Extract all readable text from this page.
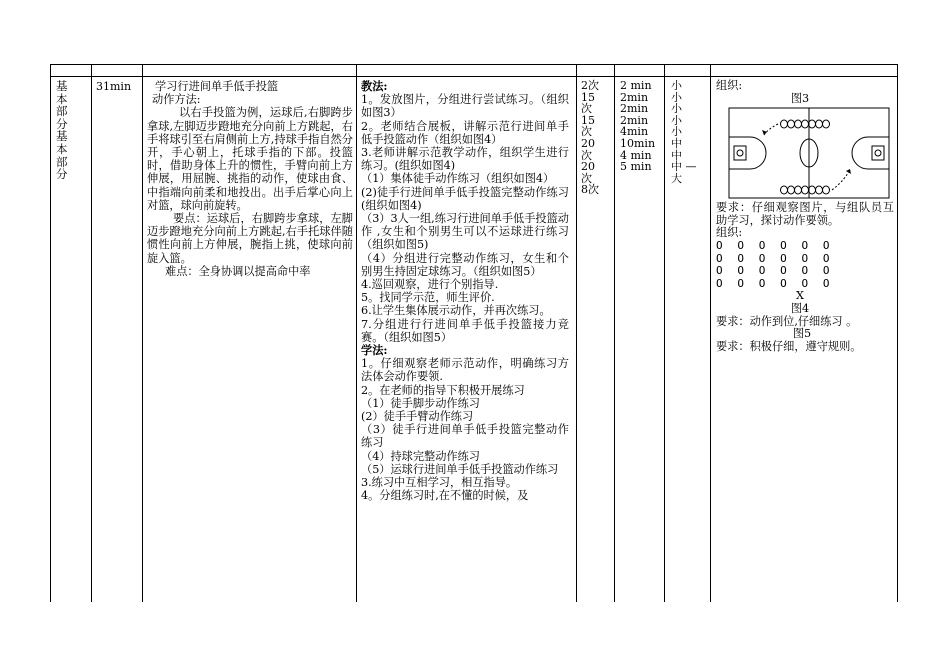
基本部分基本部分
31min	学习行进间单手低手投篮

动作方法:

以右手投篮为例，运球后,右脚跨步拿球,左脚迈步蹬地充分向前上方跳起，右手将球引至右肩侧前上方,持球手指自然分开，手心朝上，托球手指的下部。投篮时，借助身体上升的惯性，手臂向前上方伸展，用屈腕、挑指的动作，使球由食、中指端向前柔和地投出。出手后掌心向上对篮，球向前旋转。

要点：运球后，右脚跨步拿球，左脚迈步蹬地充分向前上方跳起,右手托球伴随惯性向前上方伸展，腕指上挑，使球向前旋入篮。

难点：全身协调以提高命中率

教法:
1。发放图片，分组进行尝试练习。（组织如图3）
2。老师结合展板，讲解示范行进间单手低手投篮动作（组织如图4）
3.老师讲解示范教学动作，组织学生进行练习。(组织如图4)
（1）集体徒手动作练习（组织如图4）
(2)徒手行进间单手低手投篮完整动作练习(组织如图4)
（3）3人一组,练习行进间单手低手投篮动作 ,女生和个别男生可以不运球进行练习（组织如图5)
（4）分组进行完整动作练习，女生和个别男生持固定球练习。（组织如图5）
4.巡回观察，进行个别指导.
5。找同学示范，师生评价.
6.让学生集体展示动作，并再次练习。
7.分组进行行进间单手低手投篮接力竞赛。（组织如图5）
学法:
1。仔细观察老师示范动作，明确练习方法体会动作要领.
2。在老师的指导下积极开展练习
（1）徒手脚步动作练习
(2）徒手手臂动作练习
（3）徒手行进间单手低手投篮完整动作练习
（4）持球完整动作练习
（5）运球行进间单手低手投篮动作练习
3.练习中互相学习，相互指导。
4。分组练习时,在不懂的时候，及
2次
15
次
15
次
20
次
20
次
8次
2 min
2min
2min
2min
4min
10min
4 min
5 min
小
小
小
小
小
中
中
中 —
大
组织:
图3
要求：仔细观察图片，与组队员互助学习，探讨动作要领。
组织:
O  O  O  O  O  O
O  O  O  O  O  O
O  O  O  O  O  O
O  O  O  O  O  O
X
图4
要求：动作到位,仔细练习 。
图5
要求：积极仔细，遵守规则。
